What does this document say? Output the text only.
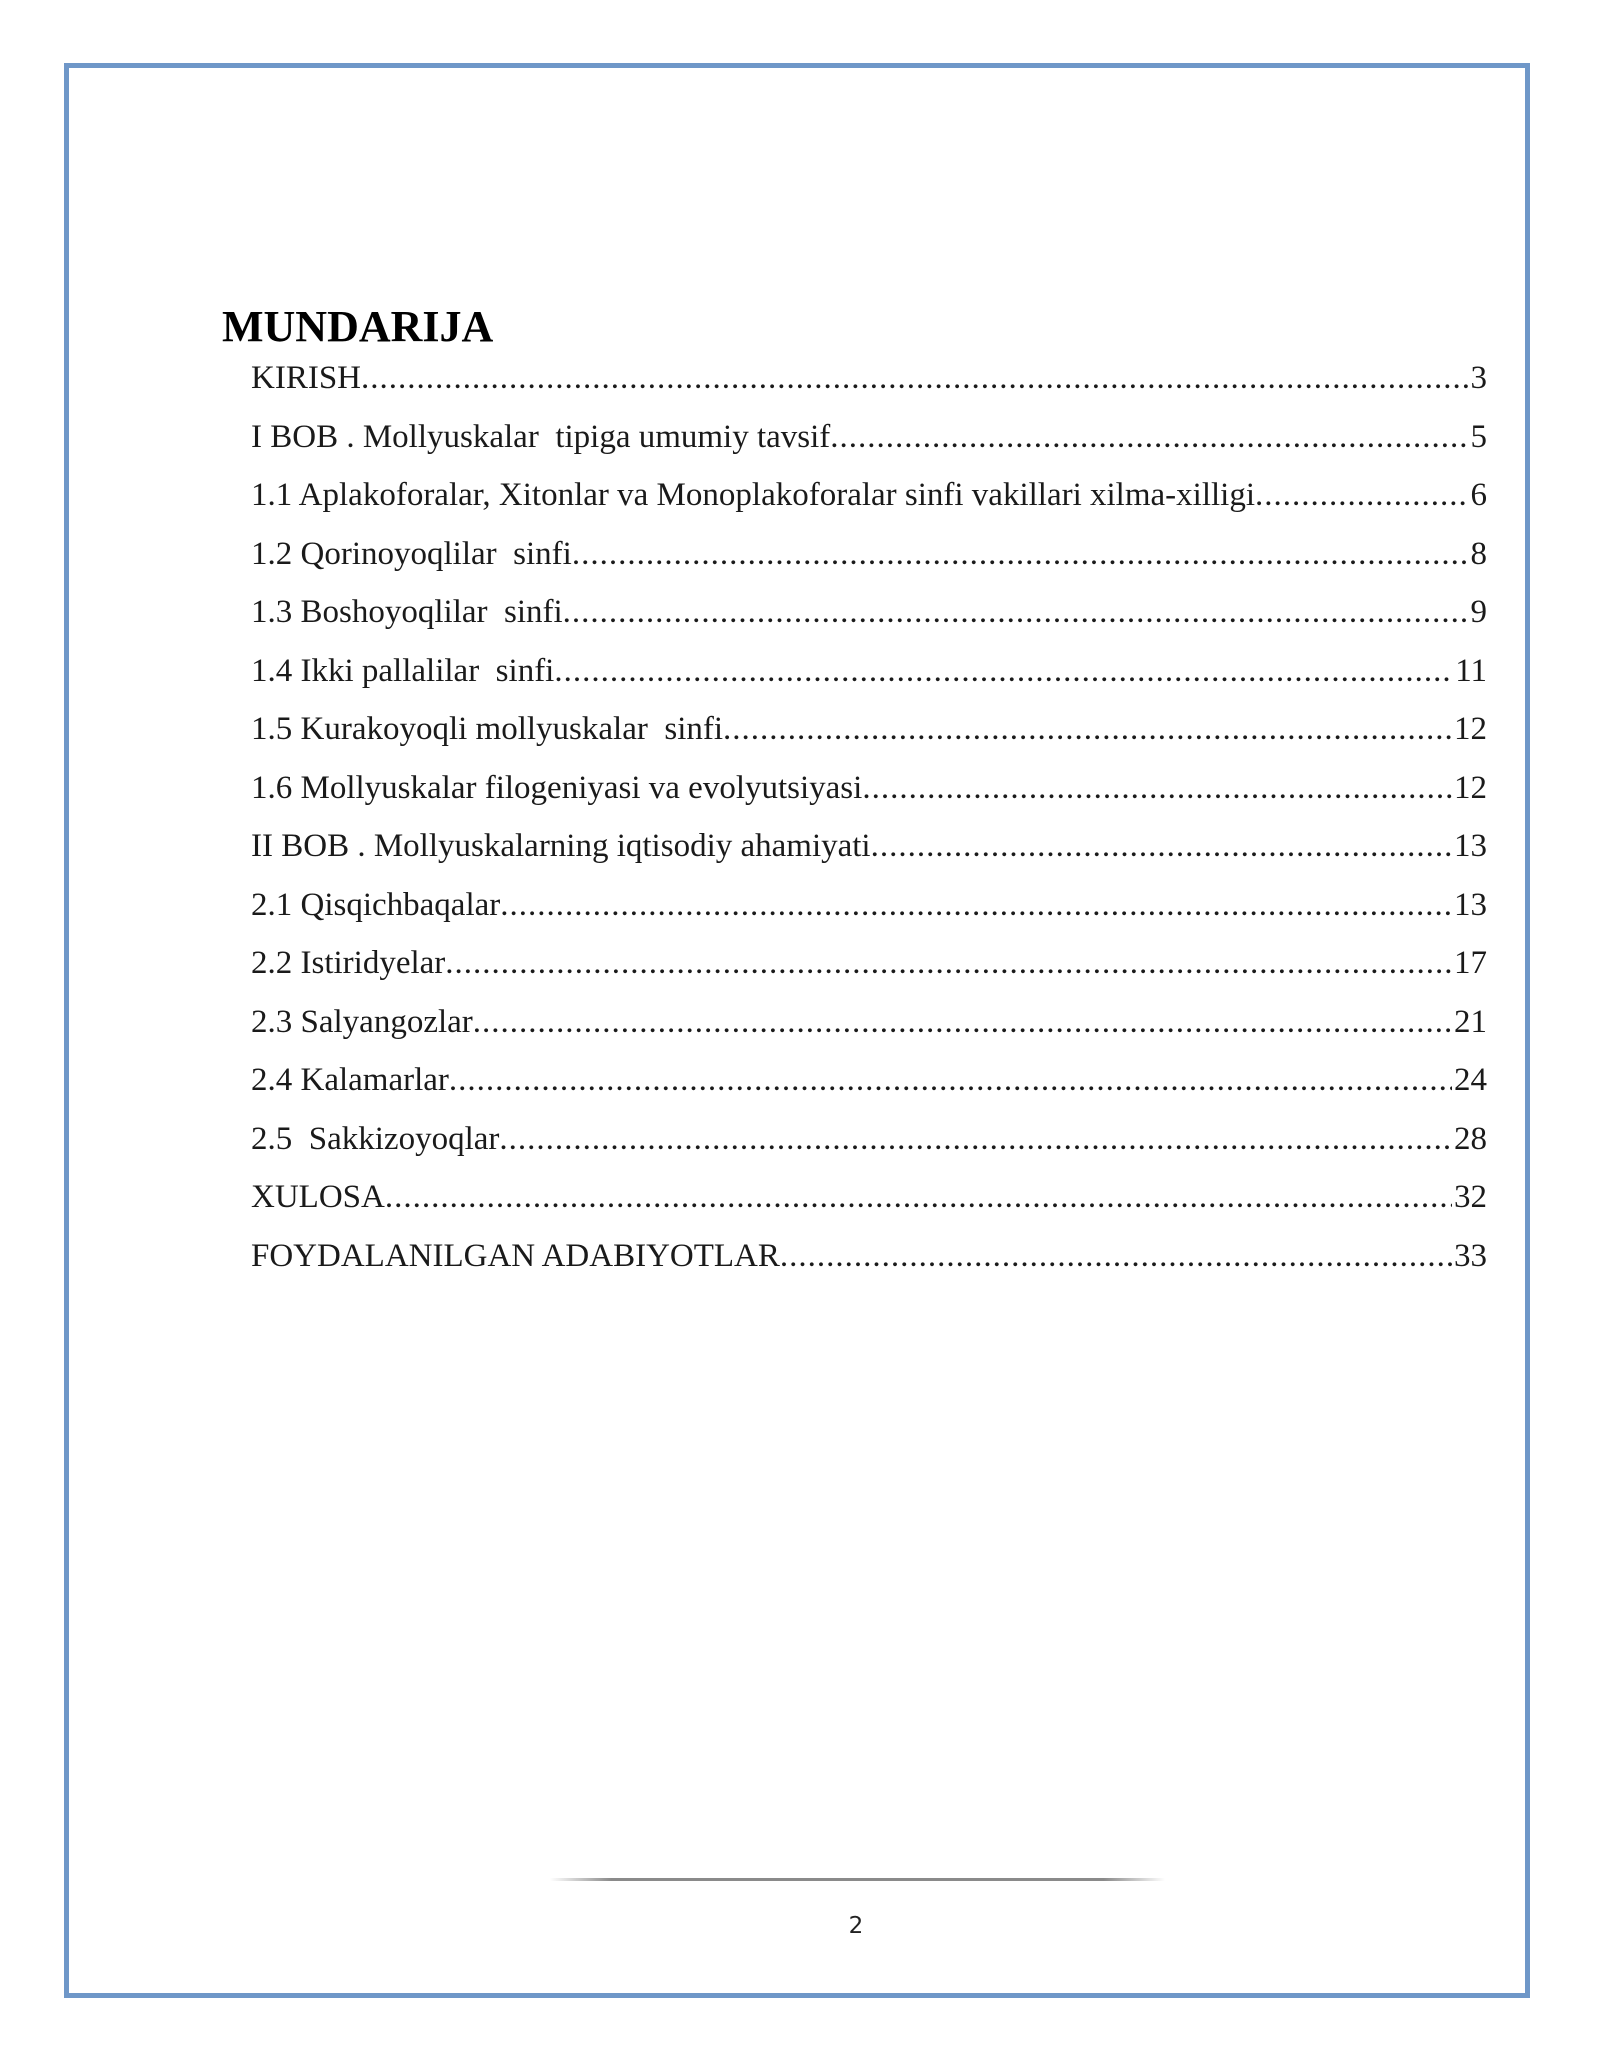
MUNDARIJA
KIRISH .....	3
I BOB . Mollyuskalar  tipiga umumiy tavsif .....	5
1.1 Aplakoforalar, Xitonlar va Monoplakoforalar sinfi vakillari xilma-xilligi .....	6
1.2 Qorinoyoqlilar  sinfi .....	8
1.3 Boshoyoqlilar  sinfi .....	9
1.4 Ikki pallalilar  sinfi .....	11
1.5 Kurakoyoqli mollyuskalar  sinfi .....	12
1.6 Mollyuskalar filogeniyasi va evolyutsiyasi .....	12
II BOB . Mollyuskalarning iqtisodiy ahamiyati .....	13
2.1 Qisqichbaqalar .....	13
2.2 Istiridyelar .....	17
2.3 Salyangozlar .....	21
2.4 Kalamarlar .....	24
2.5  Sakkizoyoqlar .....	28
XULOSA .....	32
FOYDALANILGAN ADABIYOTLAR .....	33
2
